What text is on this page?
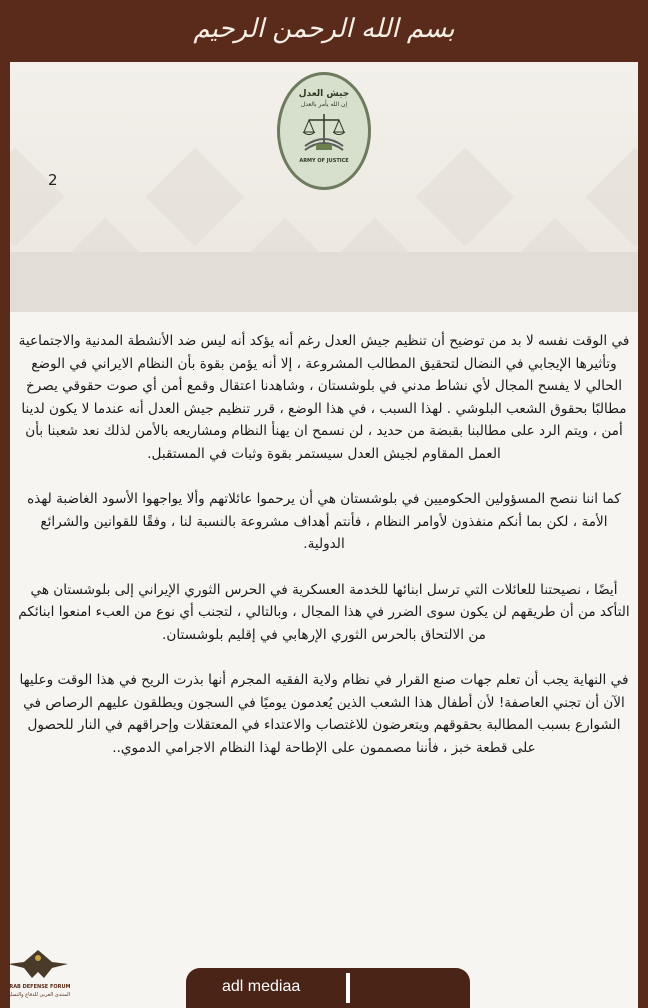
بسم الله الرحمن الرحيم
جيش العدل
إن الله يأمر بالعدل
ARMY OF JUSTICE
2

في الوقت نفسه لا بد من توضيح أن تنظيم جيش العدل رغم أنه يؤكد أنه ليس ضد الأنشطة المدنية والاجتماعية وتأثيرها الإيجابي في النضال لتحقيق المطالب المشروعة ، إلا أنه يؤمن بقوة بأن النظام الايراني في الوضع الحالي لا يفسح المجال لأي نشاط مدني في بلوشستان ، وشاهدنا اعتقال وقمع أمن أي صوت حقوقي يصرخ مطالبًا بحقوق الشعب البلوشي . لهذا السبب ، في هذا الوضع ، قرر تنظيم جيش العدل أنه عندما لا يكون لدينا أمن ، ويتم الرد على مطالبنا بقبضة من حديد ، لن نسمح ان يهنأ النظام ومشاريعه بالأمن لذلك نعد شعبنا بأن العمل المقاوم لجيش العدل سيستمر بقوة وثبات في المستقبل.

كما اننا ننصح المسؤولين الحكوميين في بلوشستان هي أن يرحموا عائلاتهم وألا يواجهوا الأسود الغاضبة لهذه الأمة ، لكن بما أنكم منفذون لأوامر النظام ، فأنتم أهداف مشروعة بالنسبة لنا ، وفقًا للقوانين والشرائع الدولية.

أيضًا ، نصيحتنا للعائلات التي ترسل ابنائها للخدمة العسكرية في الحرس الثوري الإيراني إلى بلوشستان هي التأكد من أن طريقهم لن يكون سوى الضرر في هذا المجال ، وبالتالي ، لتجنب أي نوع من العبء امنعوا ابنائكم من الالتحاق بالحرس الثوري الإرهابي في إقليم بلوشستان.

في النهاية يجب أن تعلم جهات صنع القرار في نظام ولاية الفقيه المجرم أنها بذرت الريح في هذا الوقت وعليها الآن أن تجني العاصفة! لأن أطفال هذا الشعب الذين يُعدمون يوميًا في السجون ويطلقون عليهم الرصاص في الشوارع بسبب المطالبة بحقوقهم ويتعرضون للاغتصاب والاعتداء في المعتقلات وإحراقهم في النار للحصول على قطعة خبز ، فأننا مصممون على الإطاحة لهذا النظام الاجرامي الدموي..

ARAB DEFENSE FORUM
المنتدى العربي للدفاع والتسليح	adl mediaa
